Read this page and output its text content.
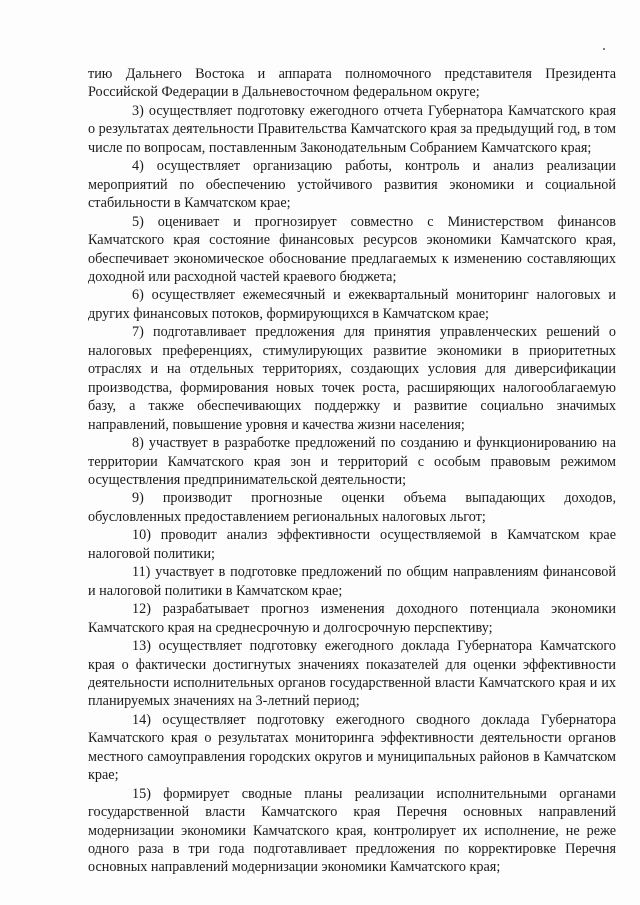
тию Дальнего Востока и аппарата полномочного представителя Президента Российской Федерации в Дальневосточном федеральном округе;

3) осуществляет подготовку ежегодного отчета Губернатора Камчатского края о результатах деятельности Правительства Камчатского края за предыдущий год, в том числе по вопросам, поставленным Законодательным Собранием Камчатского края;

4) осуществляет организацию работы, контроль и анализ реализации мероприятий по обеспечению устойчивого развития экономики и социальной стабильности в Камчатском крае;

5) оценивает и прогнозирует совместно с Министерством финансов Камчатского края состояние финансовых ресурсов экономики Камчатского края, обеспечивает экономическое обоснование предлагаемых к изменению составляющих доходной или расходной частей краевого бюджета;

6) осуществляет ежемесячный и ежеквартальный мониторинг налоговых и других финансовых потоков, формирующихся в Камчатском крае;

7) подготавливает предложения для принятия управленческих решений о налоговых преференциях, стимулирующих развитие экономики в приоритетных отраслях и на отдельных территориях, создающих условия для диверсификации производства, формирования новых точек роста, расширяющих налогооблагаемую базу, а также обеспечивающих поддержку и развитие социально значимых направлений, повышение уровня и качества жизни населения;

8) участвует в разработке предложений по созданию и функционированию на территории Камчатского края зон и территорий с особым правовым режимом осуществления предпринимательской деятельности;

9) производит прогнозные оценки объема выпадающих доходов, обусловленных предоставлением региональных налоговых льгот;

10) проводит анализ эффективности осуществляемой в Камчатском крае налоговой политики;

11) участвует в подготовке предложений по общим направлениям финансовой и налоговой политики в Камчатском крае;

12) разрабатывает прогноз изменения доходного потенциала экономики Камчатского края на среднесрочную и долгосрочную перспективу;

13) осуществляет подготовку ежегодного доклада Губернатора Камчатского края о фактически достигнутых значениях показателей для оценки эффективности деятельности исполнительных органов государственной власти Камчатского края и их планируемых значениях на 3-летний период;

14) осуществляет подготовку ежегодного сводного доклада Губернатора Камчатского края о результатах мониторинга эффективности деятельности органов местного самоуправления городских округов и муниципальных районов в Камчатском крае;

15) формирует сводные планы реализации исполнительными органами государственной власти Камчатского края Перечня основных направлений модернизации экономики Камчатского края, контролирует их исполнение, не реже одного раза в три года подготавливает предложения по корректировке Перечня основных направлений модернизации экономики Камчатского края;
